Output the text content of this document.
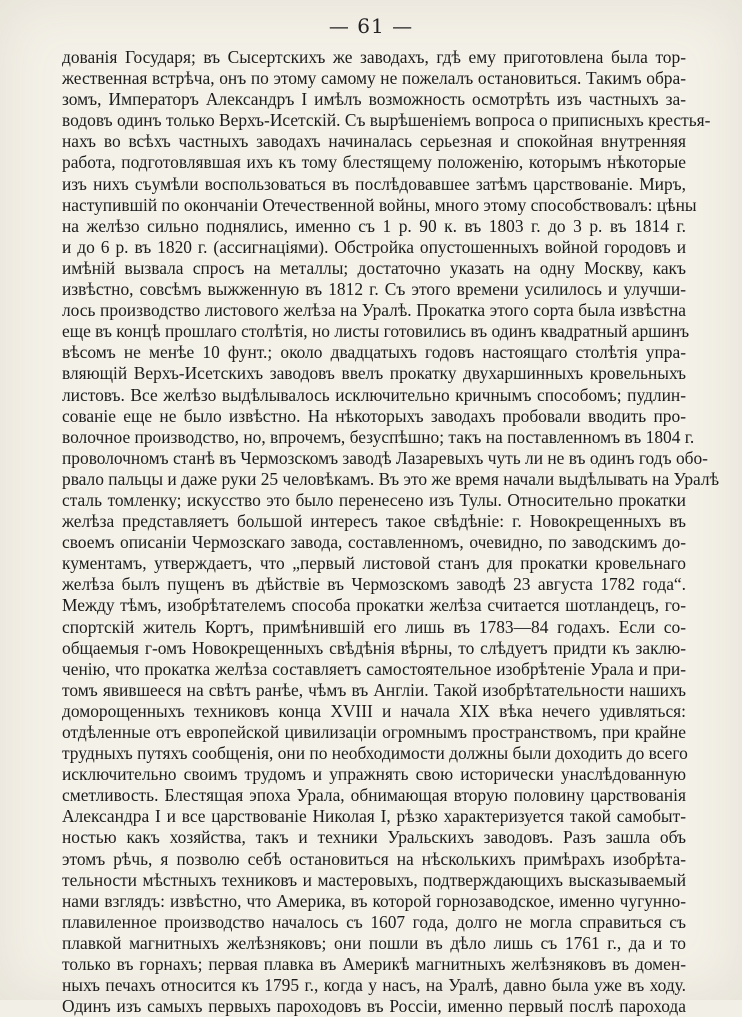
— 61 —
дованія Государя; въ Сысертскихъ же заводахъ, гдѣ ему приготовлена была тор-
жественная встрѣча, онъ по этому самому не пожелалъ остановиться. Такимъ обра-
зомъ, Императоръ Александръ I имѣлъ возможность осмотрѣть изъ частныхъ за-
водовъ одинъ только Верхъ-Исетскій. Съ вырѣшеніемъ вопроса о приписныхъ крестья-
нахъ во всѣхъ частныхъ заводахъ начиналась серьезная и спокойная внутренняя
работа, подготовлявшая ихъ къ тому блестящему положенію, которымъ нѣкоторые
изъ нихъ съумѣли воспользоваться въ послѣдовавшее затѣмъ царствованіе. Миръ,
наступившій по окончаніи Отечественной войны, много этому способствовалъ: цѣны
на желѣзо сильно поднялись, именно съ 1 р. 90 к. въ 1803 г. до 3 р. въ 1814 г.
и до 6 р. въ 1820 г. (ассигнаціями). Обстройка опустошенныхъ войной городовъ и
имѣній вызвала спросъ на металлы; достаточно указать на одну Москву, какъ
извѣстно, совсѣмъ выжженную въ 1812 г. Съ этого времени усилилось и улучши-
лось производство листового желѣза на Уралѣ. Прокатка этого сорта была извѣстна
еще въ концѣ прошлаго столѣтія, но листы готовились въ одинъ квадратный аршинъ
вѣсомъ не менѣе 10 фунт.; около двадцатыхъ годовъ настоящаго столѣтія упра-
вляющій Верхъ-Исетскихъ заводовъ ввелъ прокатку двухаршинныхъ кровельныхъ
листовъ. Все желѣзо выдѣлывалось исключительно кричнымъ способомъ; пудлин-
сованіе еще не было извѣстно. На нѣкоторыхъ заводахъ пробовали вводить про-
волочное производство, но, впрочемъ, безуспѣшно; такъ на поставленномъ въ 1804 г.
проволочномъ станѣ въ Чермозскомъ заводѣ Лазаревыхъ чуть ли не въ одинъ годъ обо-
рвало пальцы и даже руки 25 человѣкамъ. Въ это же время начали выдѣлывать на Уралѣ
сталь томленку; искусство это было перенесено изъ Тулы. Относительно прокатки
желѣза представляетъ большой интересъ такое свѣдѣніе: г. Новокрещенныхъ въ
своемъ описаніи Чермозскаго завода, составленномъ, очевидно, по заводскимъ до-
кументамъ, утверждаетъ, что „первый листовой станъ для прокатки кровельнаго
желѣза былъ пущенъ въ дѣйствіе въ Чермозскомъ заводѣ 23 августа 1782 года“.
Между тѣмъ, изобрѣтателемъ способа прокатки желѣза считается шотландецъ, го-
спортскій житель Кортъ, примѣнившій его лишь въ 1783—84 годахъ. Если со-
общаемыя г-омъ Новокрещенныхъ свѣдѣнія вѣрны, то слѣдуетъ придти къ заклю-
ченію, что прокатка желѣза составляетъ самостоятельное изобрѣтеніе Урала и при-
томъ явившееся на свѣтъ ранѣе, чѣмъ въ Англіи. Такой изобрѣтательности нашихъ
доморощенныхъ техниковъ конца XVIII и начала XIX вѣка нечего удивляться:
отдѣленные отъ европейской цивилизаціи огромнымъ пространствомъ, при крайне
трудныхъ путяхъ сообщенія, они по необходимости должны были доходить до всего
исключительно своимъ трудомъ и упражнять свою исторически унаслѣдованную
сметливость. Блестящая эпоха Урала, обнимающая вторую половину царствованія
Александра I и все царствованіе Николая I, рѣзко характеризуется такой самобыт-
ностью какъ хозяйства, такъ и техники Уральскихъ заводовъ. Разъ зашла объ
этомъ рѣчь, я позволю себѣ остановиться на нѣсколькихъ примѣрахъ изобрѣта-
тельности мѣстныхъ техниковъ и мастеровыхъ, подтверждающихъ высказываемый
нами взглядъ: извѣстно, что Америка, въ которой горнозаводское, именно чугунно-
плавиленное производство началось съ 1607 года, долго не могла справиться съ
плавкой магнитныхъ желѣзняковъ; они пошли въ дѣло лишь съ 1761 г., да и то
только въ горнахъ; первая плавка въ Америкѣ магнитныхъ желѣзняковъ въ домен-
ныхъ печахъ относится къ 1795 г., когда у насъ, на Уралѣ, давно была уже въ ходу.
Одинъ изъ самыхъ первыхъ пароходовъ въ Россіи, именно первый послѣ парохода
